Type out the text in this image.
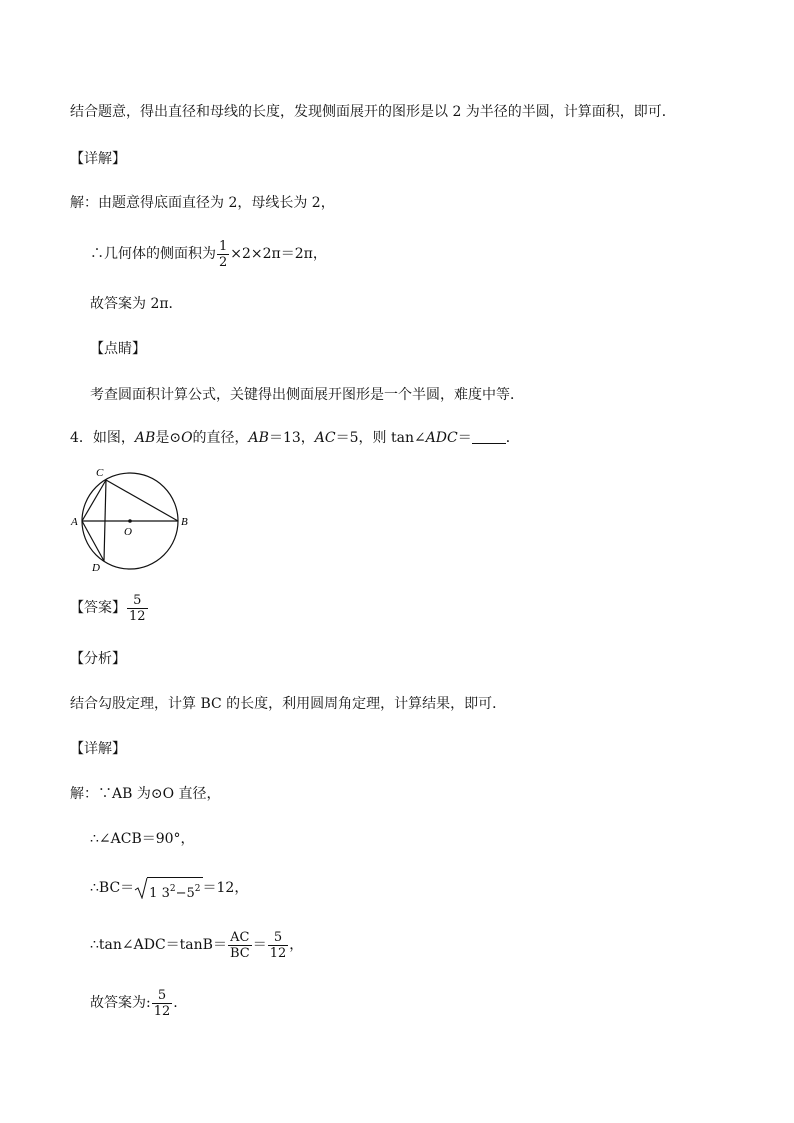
结合题意，得出直径和母线的长度，发现侧面展开的图形是以 2 为半径的半圆，计算面积，即可．
【详解】
解：由题意得底面直径为 2，母线长为 2，
∴几何体的侧面积为 $\frac{1}{2} \times 2\times 2\pi=2\pi$，
故答案为 2π．
【点睛】
考查圆面积计算公式，关键得出侧面展开图形是一个半圆，难度中等．
4．如图，AB是⊙O的直径，AB＝13，AC＝5，则 tan∠ADC＝ ．
C
A	B
O
D
【答案】 $\frac{5}{12}$
【分析】
结合勾股定理，计算 BC 的长度，利用圆周角定理，计算结果，即可．
【详解】
解：∵AB 为⊙O 直径，
∴∠ACB＝90°，
∴BC＝ 1 $3^2-5^2 =12$，
∴tan∠ADC＝tanB＝ $\frac{AC}{BC} = \frac{5}{12}$ ，
故答案为: $\frac{5}{12}$ .
